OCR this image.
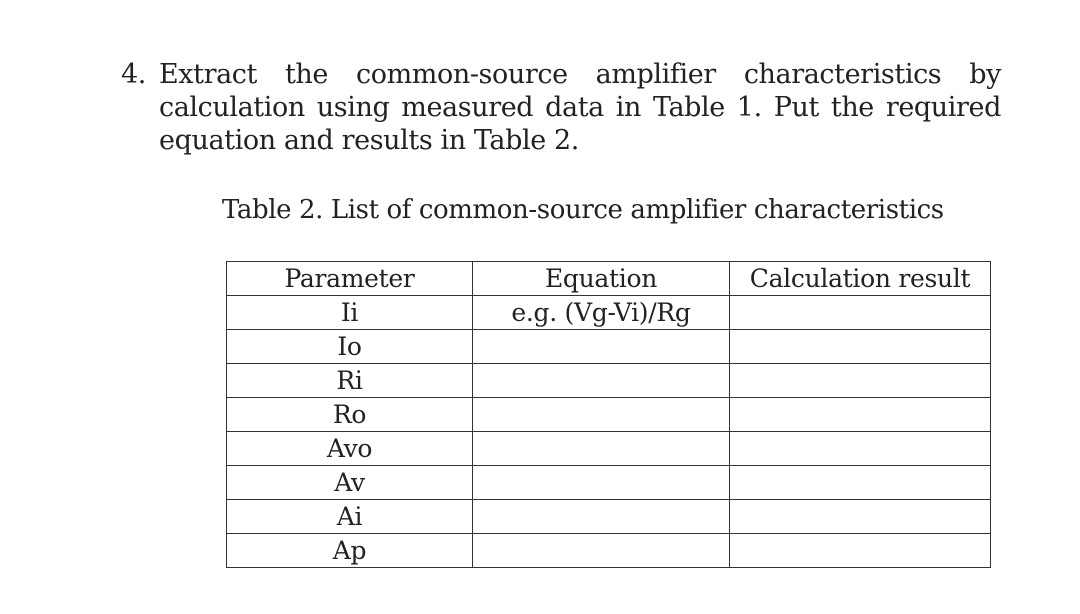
4. Extract the common-source amplifier characteristics by calculation using measured data in Table 1. Put the required equation and results in Table 2.
Table 2. List of common-source amplifier characteristics
Parameter	Equation	Calculation result
Ii	e.g. (Vg-Vi)/Rg	
Io		
Ri		
Ro		
Avo		
Av		
Ai		
Ap		
